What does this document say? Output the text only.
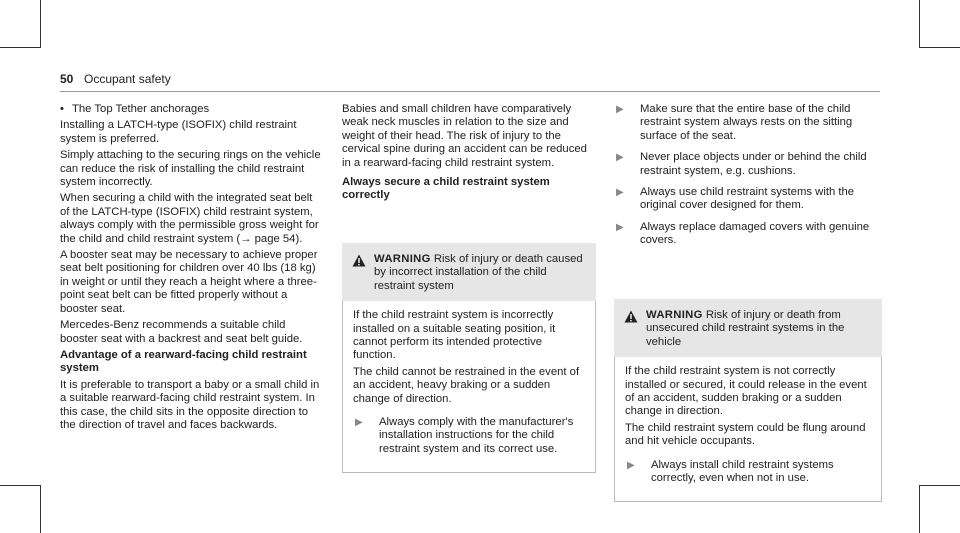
50 Occupant safety
• The Top Tether anchorages

Installing a LATCH-type (ISOFIX) child restraint system is preferred.

Simply attaching to the securing rings on the vehicle can reduce the risk of installing the child restraint system incorrectly.

When securing a child with the integrated seat belt of the LATCH-type (ISOFIX) child restraint system, always comply with the permissible gross weight for the child and child restraint system (→ page 54).

A booster seat may be necessary to achieve proper seat belt positioning for children over 40 lbs (18 kg) in weight or until they reach a height where a three-point seat belt can be fitted properly without a booster seat.

Mercedes-Benz recommends a suitable child booster seat with a backrest and seat belt guide.

Advantage of a rearward-facing child restraint system

It is preferable to transport a baby or a small child in a suitable rearward-facing child restraint system. In this case, the child sits in the opposite direction to the direction of travel and faces backwards.

Babies and small children have comparatively weak neck muscles in relation to the size and weight of their head. The risk of injury to the cervical spine during an accident can be reduced in a rearward-facing child restraint system.

Always secure a child restraint system correctly

WARNING Risk of injury or death caused by incorrect installation of the child restraint system

If the child restraint system is incorrectly installed on a suitable seating position, it cannot perform its intended protective function.

The child cannot be restrained in the event of an accident, heavy braking or a sudden change of direction.

▶	Always comply with the manufacturer's installation instructions for the child restraint system and its correct use.
▶	Make sure that the entire base of the child restraint system always rests on the sitting surface of the seat.
▶	Never place objects under or behind the child restraint system, e.g. cushions.
▶	Always use child restraint systems with the original cover designed for them.
▶	Always replace damaged covers with genuine covers.
WARNING Risk of injury or death from unsecured child restraint systems in the vehicle

If the child restraint system is not correctly installed or secured, it could release in the event of an accident, sudden braking or a sudden change in direction.

The child restraint system could be flung around and hit vehicle occupants.

▶	Always install child restraint systems correctly, even when not in use.
